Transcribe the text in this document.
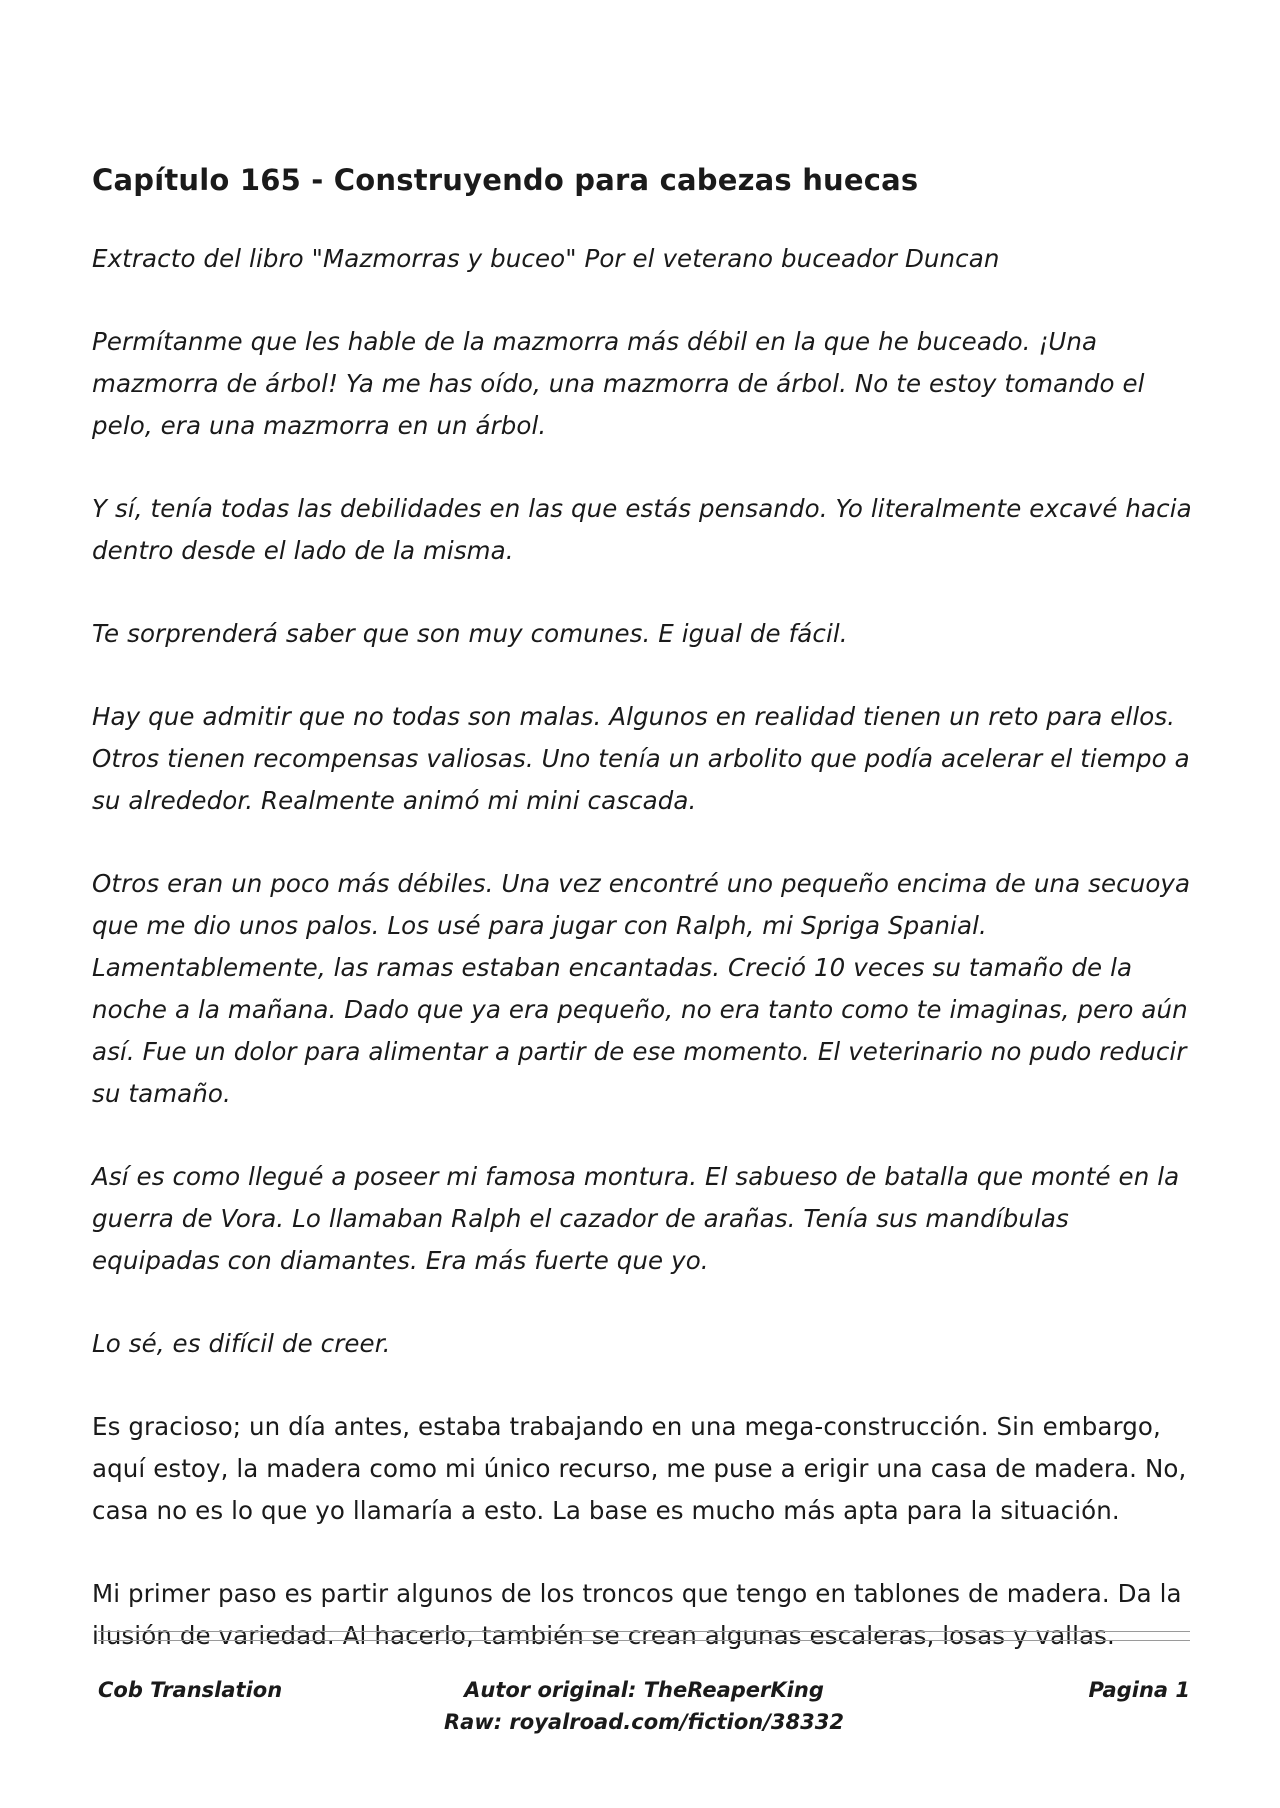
Capítulo 165 - Construyendo para cabezas huecas

Extracto del libro "Mazmorras y buceo" Por el veterano buceador Duncan

Permítanme que les hable de la mazmorra más débil en la que he buceado. ¡Una mazmorra de árbol! Ya me has oído, una mazmorra de árbol. No te estoy tomando el pelo, era una mazmorra en un árbol.

Y sí, tenía todas las debilidades en las que estás pensando. Yo literalmente excavé hacia dentro desde el lado de la misma.

Te sorprenderá saber que son muy comunes. E igual de fácil.

Hay que admitir que no todas son malas. Algunos en realidad tienen un reto para ellos. Otros tienen recompensas valiosas. Uno tenía un arbolito que podía acelerar el tiempo a su alrededor. Realmente animó mi mini cascada.

Otros eran un poco más débiles. Una vez encontré uno pequeño encima de una secuoya que me dio unos palos. Los usé para jugar con Ralph, mi Spriga Spanial. Lamentablemente, las ramas estaban encantadas. Creció 10 veces su tamaño de la noche a la mañana. Dado que ya era pequeño, no era tanto como te imaginas, pero aún así. Fue un dolor para alimentar a partir de ese momento. El veterinario no pudo reducir su tamaño.

Así es como llegué a poseer mi famosa montura. El sabueso de batalla que monté en la guerra de Vora. Lo llamaban Ralph el cazador de arañas. Tenía sus mandíbulas equipadas con diamantes. Era más fuerte que yo.

Lo sé, es difícil de creer.

Es gracioso; un día antes, estaba trabajando en una mega-construcción. Sin embargo, aquí estoy, la madera como mi único recurso, me puse a erigir una casa de madera. No, casa no es lo que yo llamaría a esto. La base es mucho más apta para la situación.

Mi primer paso es partir algunos de los troncos que tengo en tablones de madera. Da la ilusión de variedad. Al hacerlo, también se crean algunas escaleras, losas y vallas.

Cob Translation	Autor original: TheReaperKing
Raw: royalroad.com/fiction/38332
Pagina 1
